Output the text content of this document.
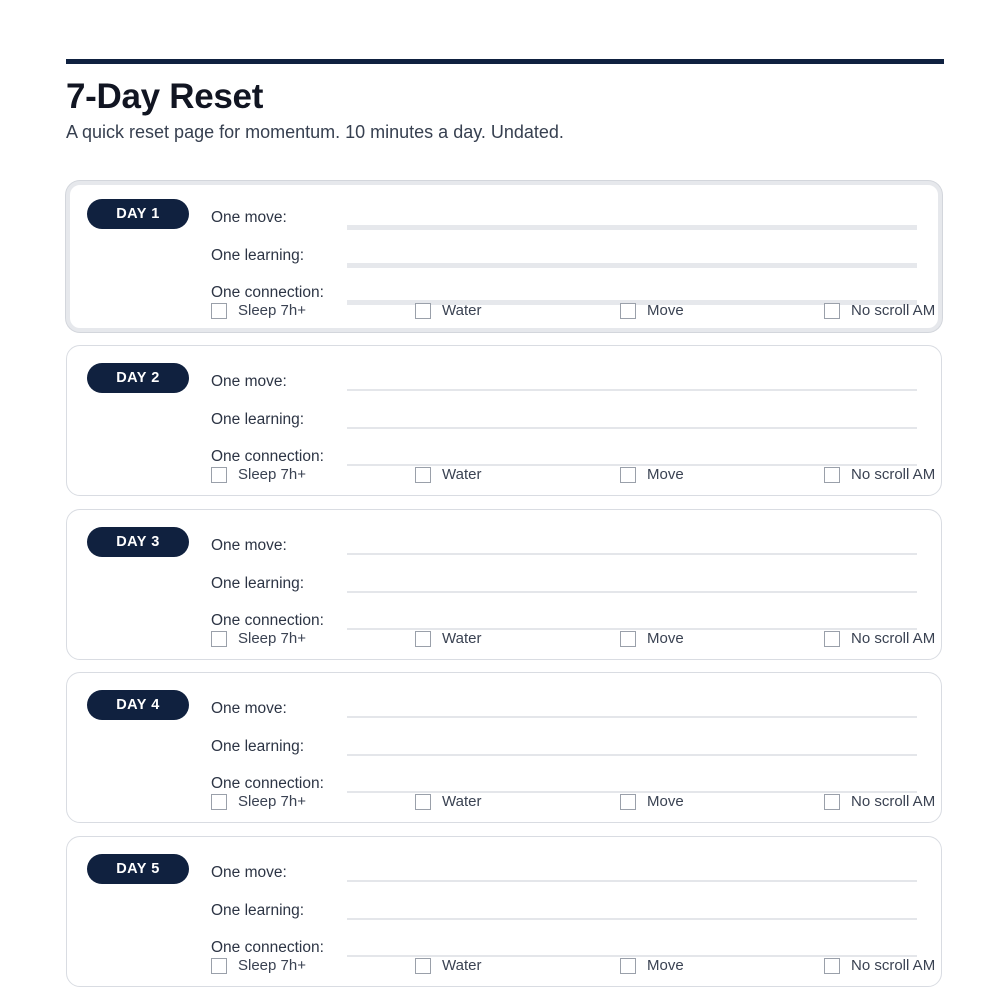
7-Day Reset

A quick reset page for momentum. 10 minutes a day. Undated.

DAY 1	One move:
One learning:
One connection:
Sleep 7h+	Water	Move	No scroll AM
DAY 2	One move:
One learning:
One connection:
Sleep 7h+	Water	Move	No scroll AM
DAY 3	One move:
One learning:
One connection:
Sleep 7h+	Water	Move	No scroll AM
DAY 4	One move:
One learning:
One connection:
Sleep 7h+	Water	Move	No scroll AM
DAY 5	One move:
One learning:
One connection:
Sleep 7h+	Water	Move	No scroll AM
